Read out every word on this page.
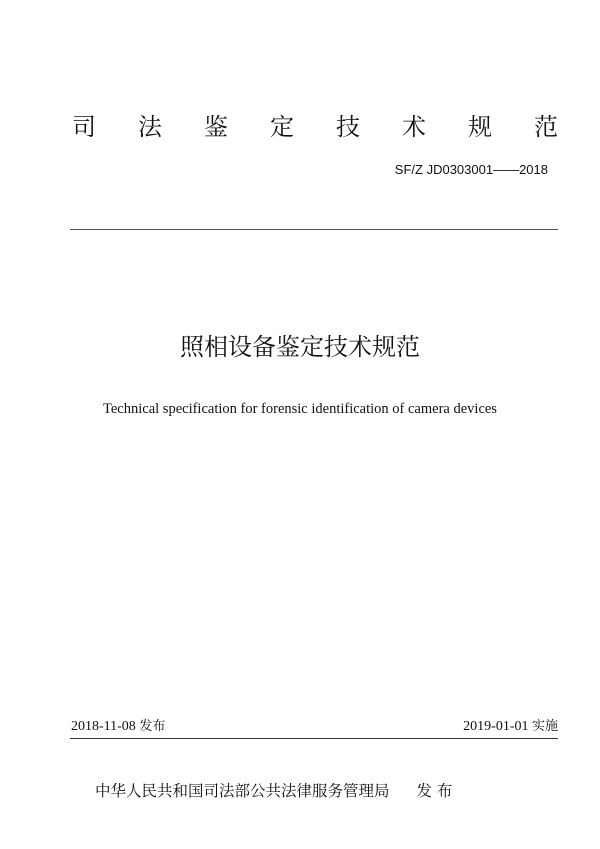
司 法 鉴 定 技 术 规 范
SF/Z JD0303001——2018
照相设备鉴定技术规范
Technical specification for forensic identification of camera devices
2018-11-08 发布	2019-01-01 实施
中华人民共和国司法部公共法律服务管理局 发 布
